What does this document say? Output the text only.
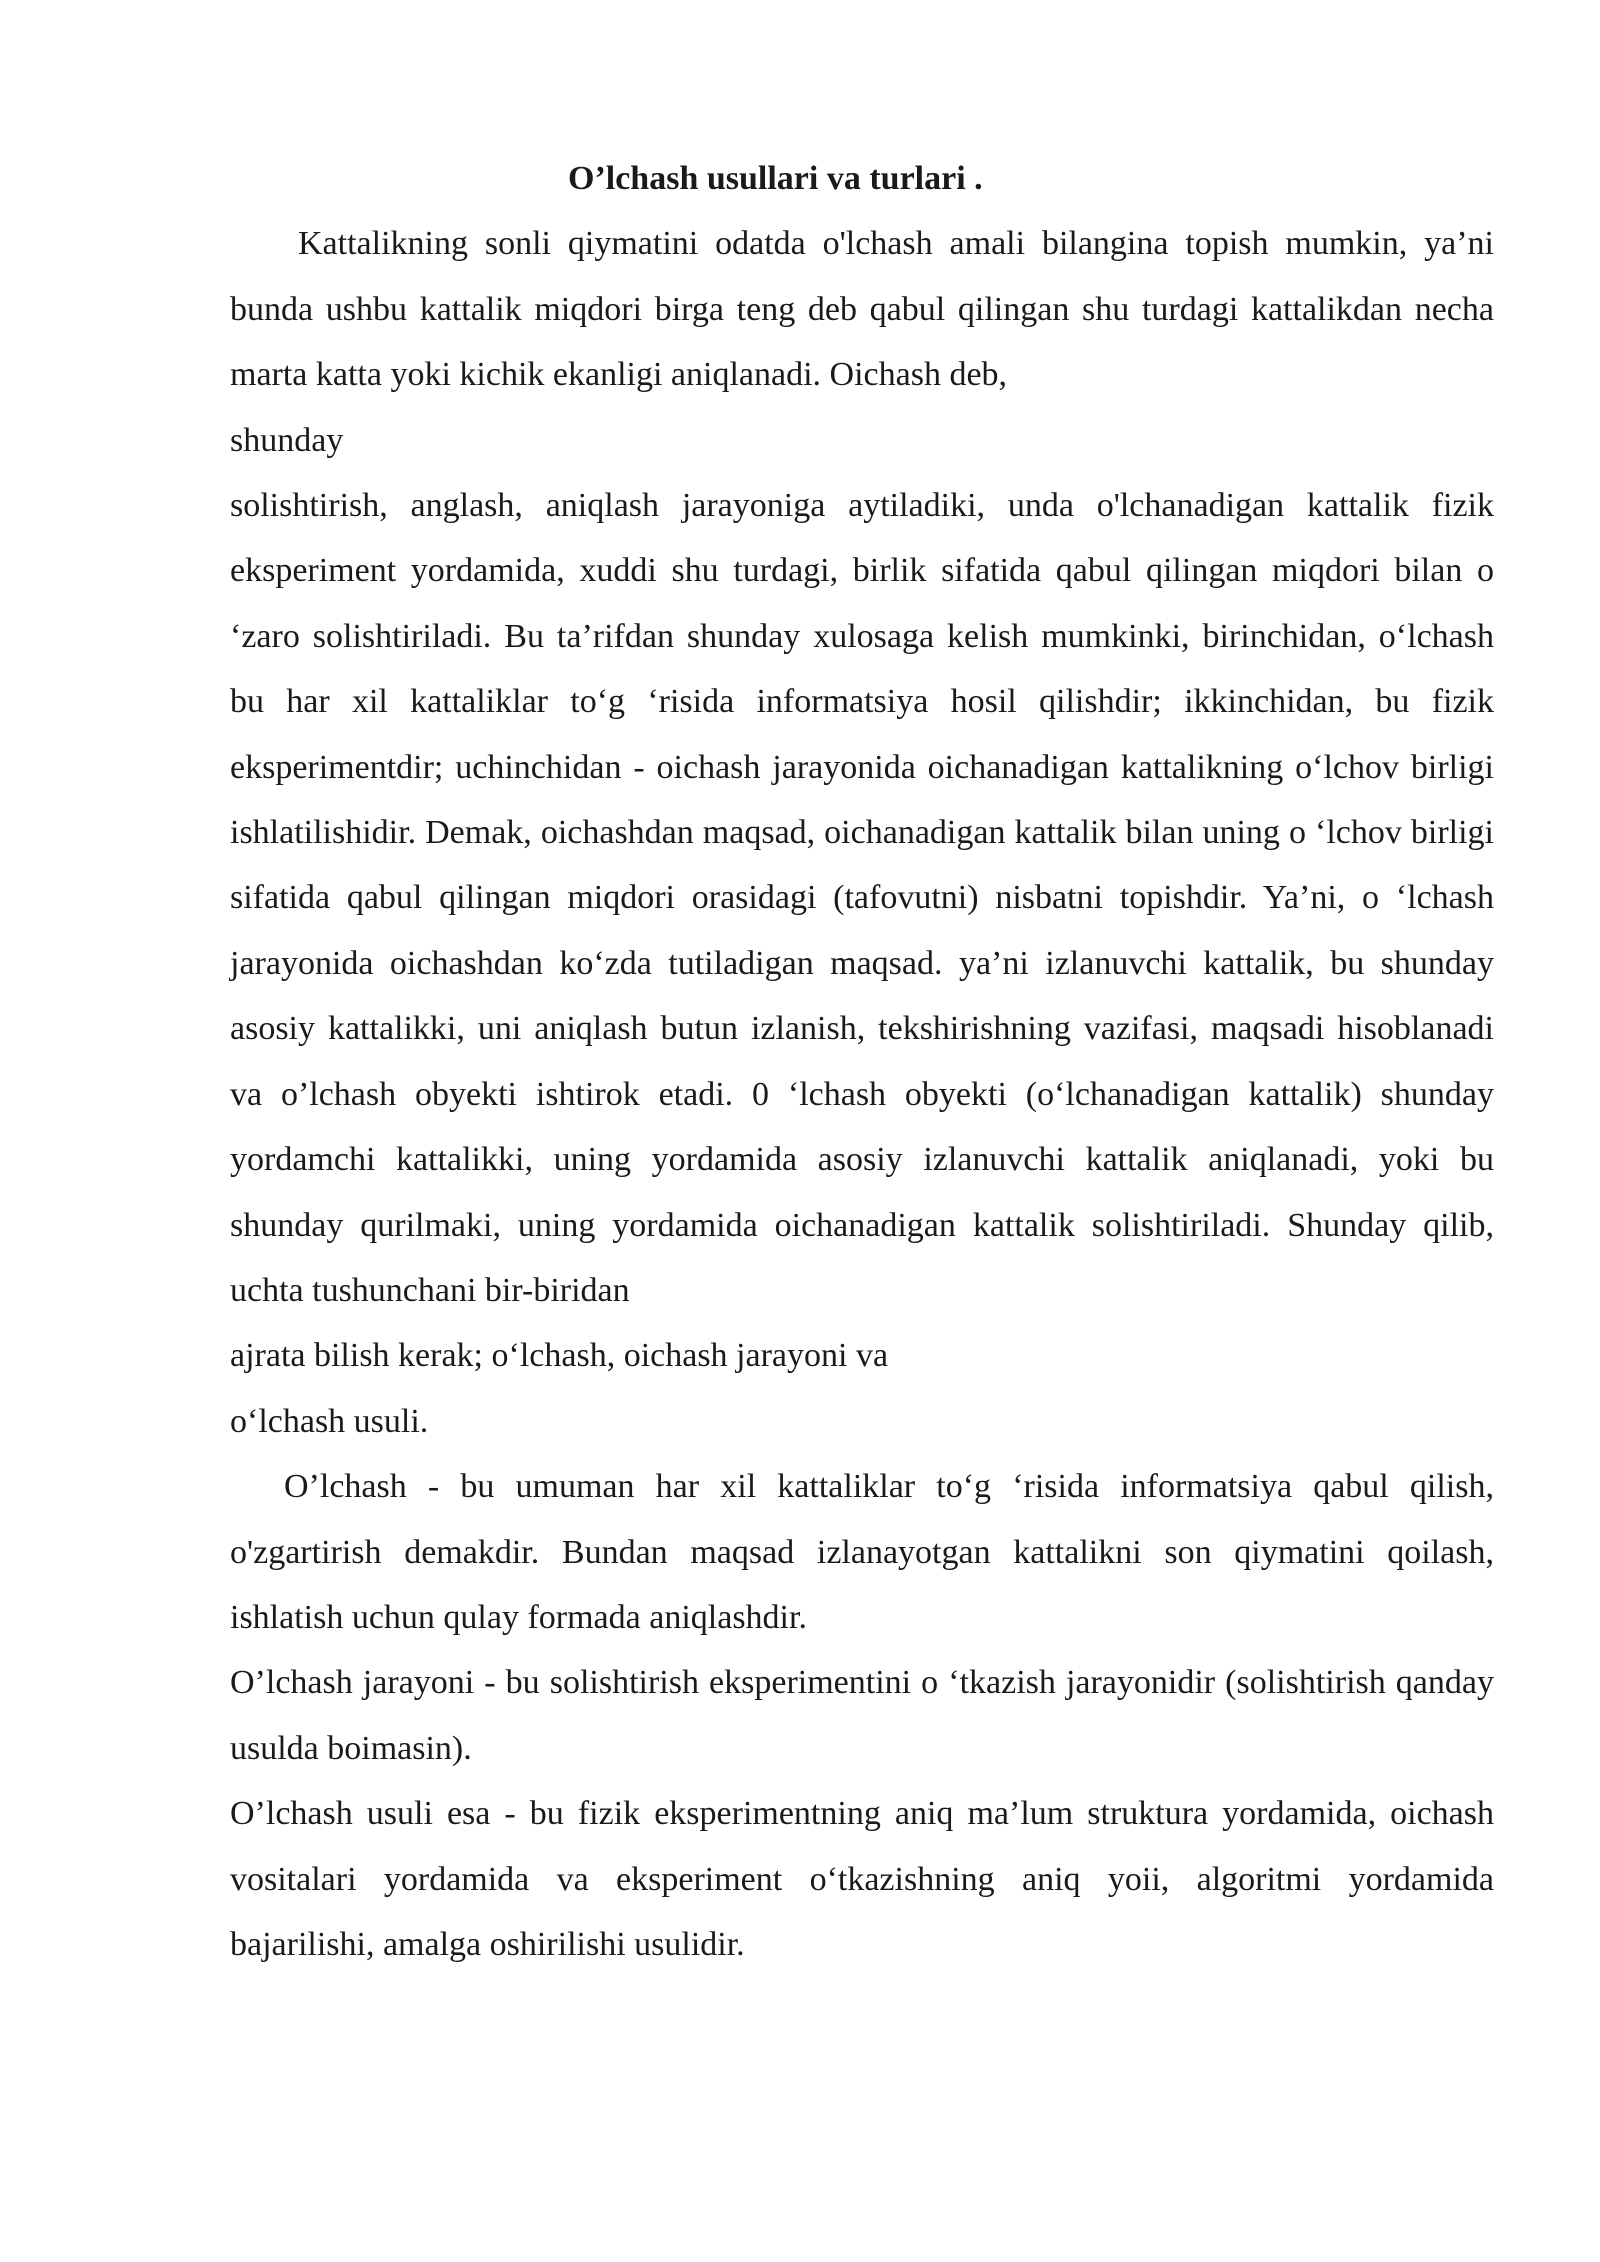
O’lchash usullari va turlari .

Kattalikning sonli qiymatini odatda o'lchash amali bilangina topish mumkin, ya’ni bunda ushbu kattalik miqdori birga teng deb qabul qilingan shu turdagi kattalikdan necha marta katta yoki kichik ekanligi aniqlanadi. Oichash deb,

shunday

solishtirish, anglash, aniqlash jarayoniga aytiladiki, unda o'lchanadigan kattalik fizik eksperiment yordamida, xuddi shu turdagi, birlik sifatida qabul qilingan miqdori bilan o ‘zaro solishtiriladi. Bu ta’rifdan shunday xulosaga kelish mumkinki, birinchidan, o‘lchash bu har xil kattaliklar to‘g ‘risida informatsiya hosil qilishdir; ikkinchidan, bu fizik eksperimentdir; uchinchidan - oichash jarayonida oichanadigan kattalikning o‘lchov birligi ishlatilishidir. Demak, oichashdan maqsad, oichanadigan kattalik bilan uning o ‘lchov birligi sifatida qabul qilingan miqdori orasidagi (tafovutni) nisbatni topishdir. Ya’ni, o ‘lchash jarayonida oichashdan ko‘zda tutiladigan maqsad. ya’ni izlanuvchi kattalik, bu shunday asosiy kattalikki, uni aniqlash butun izlanish, tekshirishning vazifasi, maqsadi hisoblanadi va o’lchash obyekti ishtirok etadi. 0 ‘lchash obyekti (o‘lchanadigan kattalik) shunday yordamchi kattalikki, uning yordamida asosiy izlanuvchi kattalik aniqlanadi, yoki bu shunday qurilmaki, uning yordamida oichanadigan kattalik solishtiriladi. Shunday qilib, uchta tushunchani bir-biridan

ajrata bilish kerak; o‘lchash, oichash jarayoni va

o‘lchash usuli.

O’lchash - bu umuman har xil kattaliklar to‘g ‘risida informatsiya qabul qilish, o'zgartirish demakdir. Bundan maqsad izlanayotgan kattalikni son qiymatini qoilash, ishlatish uchun qulay formada aniqlashdir.

O’lchash jarayoni - bu solishtirish eksperimentini o ‘tkazish jarayonidir (solishtirish qanday usulda boimasin).

O’lchash usuli esa - bu fizik eksperimentning aniq ma’lum struktura yordamida, oichash vositalari yordamida va eksperiment o‘tkazishning aniq yoii, algoritmi yordamida bajarilishi, amalga oshirilishi usulidir.
